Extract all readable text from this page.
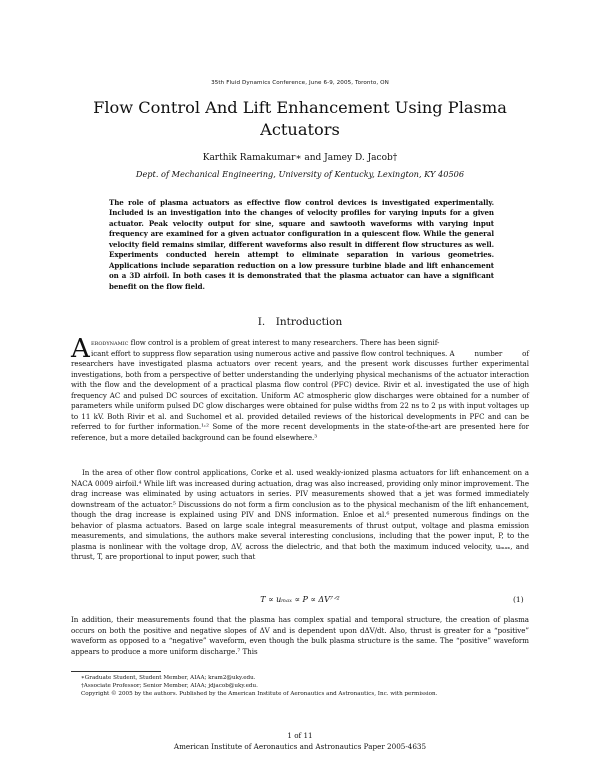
35th Fluid Dynamics Conference, June 6-9, 2005, Toronto, ON
Flow Control And Lift Enhancement Using Plasma Actuators
Karthik Ramakumar∗ and Jamey D. Jacob†
Dept. of Mechanical Engineering, University of Kentucky, Lexington, KY 40506
The role of plasma actuators as effective flow control devices is investigated experimentally. Included is an investigation into the changes of velocity profiles for varying inputs for a given actuator. Peak velocity output for sine, square and sawtooth waveforms with varying input frequency are examined for a given actuator configuration in a quiescent flow. While the general velocity field remains similar, different waveforms also result in different flow structures as well. Experiments conducted herein attempt to eliminate separation in various geometries. Applications include separation reduction on a low pressure turbine blade and lift enhancement on a 3D airfoil. In both cases it is demonstrated that the plasma actuator can have a significant benefit on the flow field.
I. Introduction
A erodynamic flow control is a problem of great interest to many researchers. There has been signif-
icant effort to suppress flow separation using numerous active and passive flow control techniques. A	number of researchers have investigated plasma actuators over recent years, and the present work discusses further experimental investigations, both from a perspective of better understanding the underlying physical mechanisms of the actuator interaction with the flow and the development of a practical plasma flow control (PFC) device. Rivir et al. investigated the use of high frequency AC and pulsed DC sources of excitation. Uniform AC atmospheric glow discharges were obtained for a number of parameters while uniform pulsed DC glow discharges were obtained for pulse widths from 22 ns to 2 μs with input voltages up to 11 kV. Both Rivir et al. and Suchomel et al. provided detailed reviews of the historical developments in PFC and can be referred to for further information.¹˒² Some of the more recent developments in the state-of-the-art are presented here for reference, but a more detailed background can be found elsewhere.³
In the area of other flow control applications, Corke et al. used weakly-ionized plasma actuators for lift enhancement on a NACA 0009 airfoil.⁴ While lift was increased during actuation, drag was also increased, providing only minor improvement. The drag increase was eliminated by using actuators in series. PIV measurements showed that a jet was formed immediately downstream of the actuator.⁵ Discussions do not form a firm conclusion as to the physical mechanism of the lift enhancement, though the drag increase is explained using PIV and DNS information. Enloe et al.⁶ presented numerous findings on the behavior of plasma actuators. Based on large scale integral measurements of thrust output, voltage and plasma emission measurements, and simulations, the authors make several interesting conclusions, including that the power input, P, to the plasma is nonlinear with the voltage drop, ΔV, across the dielectric, and that both the maximum induced velocity, uₘₐₓ, and thrust, T, are proportional to input power, such that
T ∝ uₘₐₓ ∝ P ∝ ΔV⁷ᐟ²	(1)
In addition, their measurements found that the plasma has complex spatial and temporal structure, the creation of plasma occurs on both the positive and negative slopes of ΔV and is dependent upon dΔV/dt. Also, thrust is greater for a “positive” waveform as opposed to a “negative” waveform, even though the bulk plasma structure is the same. The “positive” waveform appears to produce a more uniform discharge.⁷ This
∗Graduate Student, Student Member, AIAA; kram2@uky.edu.
†Associate Professor; Senior Member, AIAA; jdjacob@uky.edu.
Copyright © 2005 by the authors. Published by the American Institute of Aeronautics and Astronautics, Inc. with permission.
1 of 11
American Institute of Aeronautics and Astronautics Paper 2005-4635
